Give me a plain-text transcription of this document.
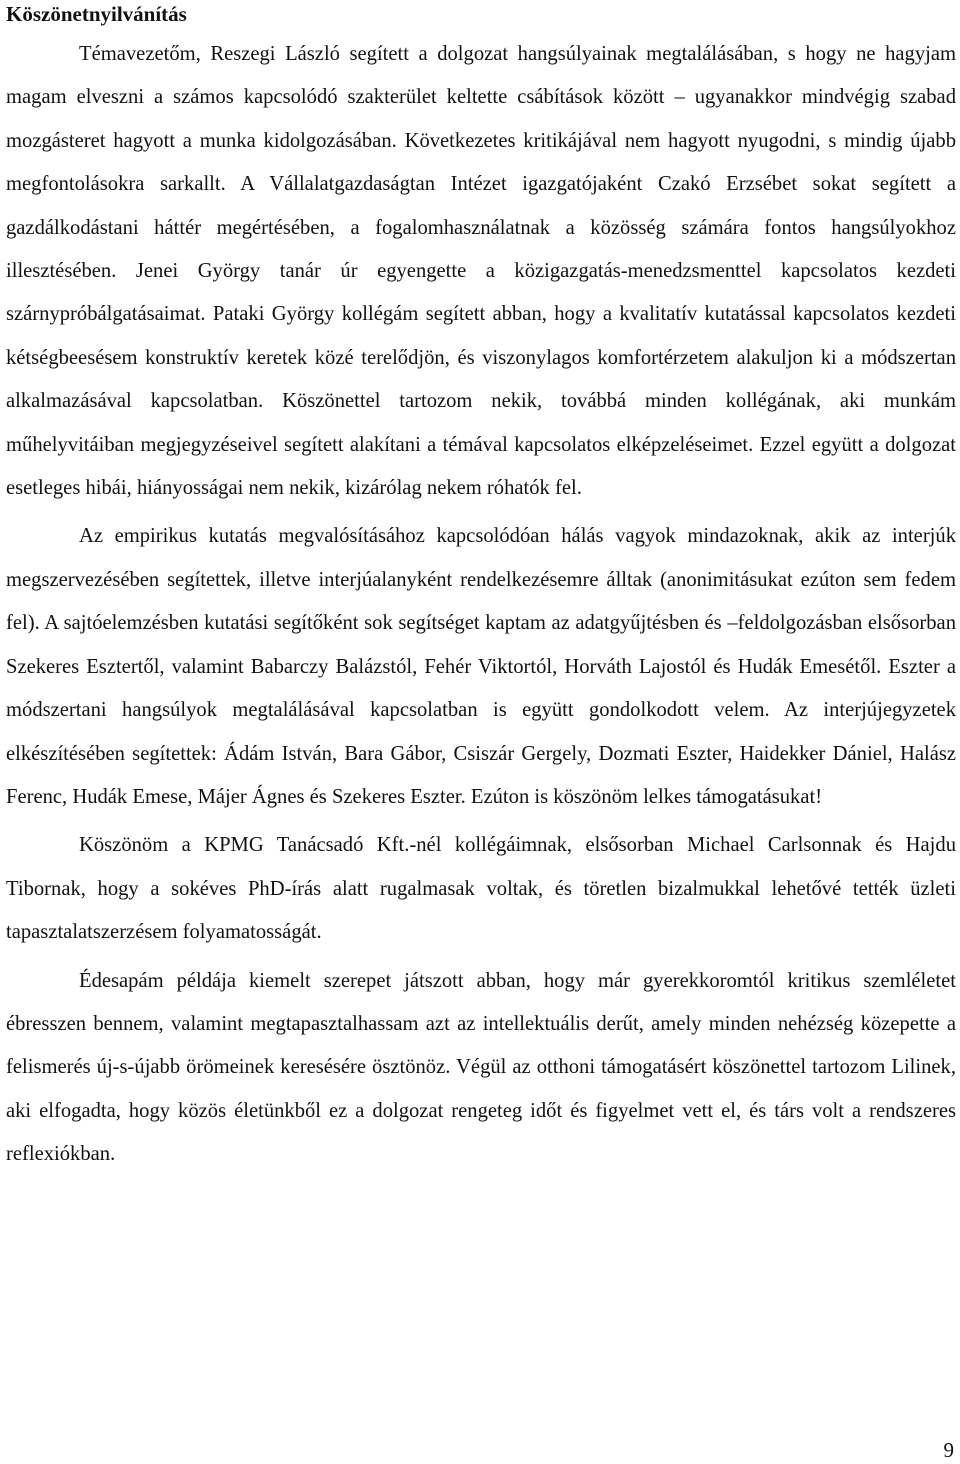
Köszönetnyilvánítás

Témavezetőm, Reszegi László segített a dolgozat hangsúlyainak megtalálásában, s hogy ne hagyjam magam elveszni a számos kapcsolódó szakterület keltette csábítások között – ugyanakkor mindvégig szabad mozgásteret hagyott a munka kidolgozásában. Következetes kritikájával nem hagyott nyugodni, s mindig újabb megfontolásokra sarkallt. A Vállalatgazdaságtan Intézet igazgatójaként Czakó Erzsébet sokat segített a gazdálkodástani háttér megértésében, a fogalomhasználatnak a közösség számára fontos hangsúlyokhoz illesztésében. Jenei György tanár úr egyengette a közigazgatás-menedzsmenttel kapcsolatos kezdeti szárnypróbálgatásaimat. Pataki György kollégám segített abban, hogy a kvalitatív kutatással kapcsolatos kezdeti kétségbeesésem konstruktív keretek közé terelődjön, és viszonylagos komfortérzetem alakuljon ki a módszertan alkalmazásával kapcsolatban. Köszönettel tartozom nekik, továbbá minden kollégának, aki munkám műhelyvitáiban megjegyzéseivel segített alakítani a témával kapcsolatos elképzeléseimet. Ezzel együtt a dolgozat esetleges hibái, hiányosságai nem nekik, kizárólag nekem róhatók fel.

Az empirikus kutatás megvalósításához kapcsolódóan hálás vagyok mindazoknak, akik az interjúk megszervezésében segítettek, illetve interjúalanyként rendelkezésemre álltak (anonimitásukat ezúton sem fedem fel). A sajtóelemzésben kutatási segítőként sok segítséget kaptam az adatgyűjtésben és –feldolgozásban elsősorban Szekeres Esztertől, valamint Babarczy Balázstól, Fehér Viktortól, Horváth Lajostól és Hudák Emesétől. Eszter a módszertani hangsúlyok megtalálásával kapcsolatban is együtt gondolkodott velem. Az interjújegyzetek elkészítésében segítettek: Ádám István, Bara Gábor, Csiszár Gergely, Dozmati Eszter, Haidekker Dániel, Halász Ferenc, Hudák Emese, Májer Ágnes és Szekeres Eszter. Ezúton is köszönöm lelkes támogatásukat!

Köszönöm a KPMG Tanácsadó Kft.-nél kollégáimnak, elsősorban Michael Carlsonnak és Hajdu Tibornak, hogy a sokéves PhD-írás alatt rugalmasak voltak, és töretlen bizalmukkal lehetővé tették üzleti tapasztalatszerzésem folyamatosságát.

Édesapám példája kiemelt szerepet játszott abban, hogy már gyerekkoromtól kritikus szemléletet ébresszen bennem, valamint megtapasztalhassam azt az intellektuális derűt, amely minden nehézség közepette a felismerés új-s-újabb örömeinek keresésére ösztönöz. Végül az otthoni támogatásért köszönettel tartozom Lilinek, aki elfogadta, hogy közös életünkből ez a dolgozat rengeteg időt és figyelmet vett el, és társ volt a rendszeres reflexiókban.

9
